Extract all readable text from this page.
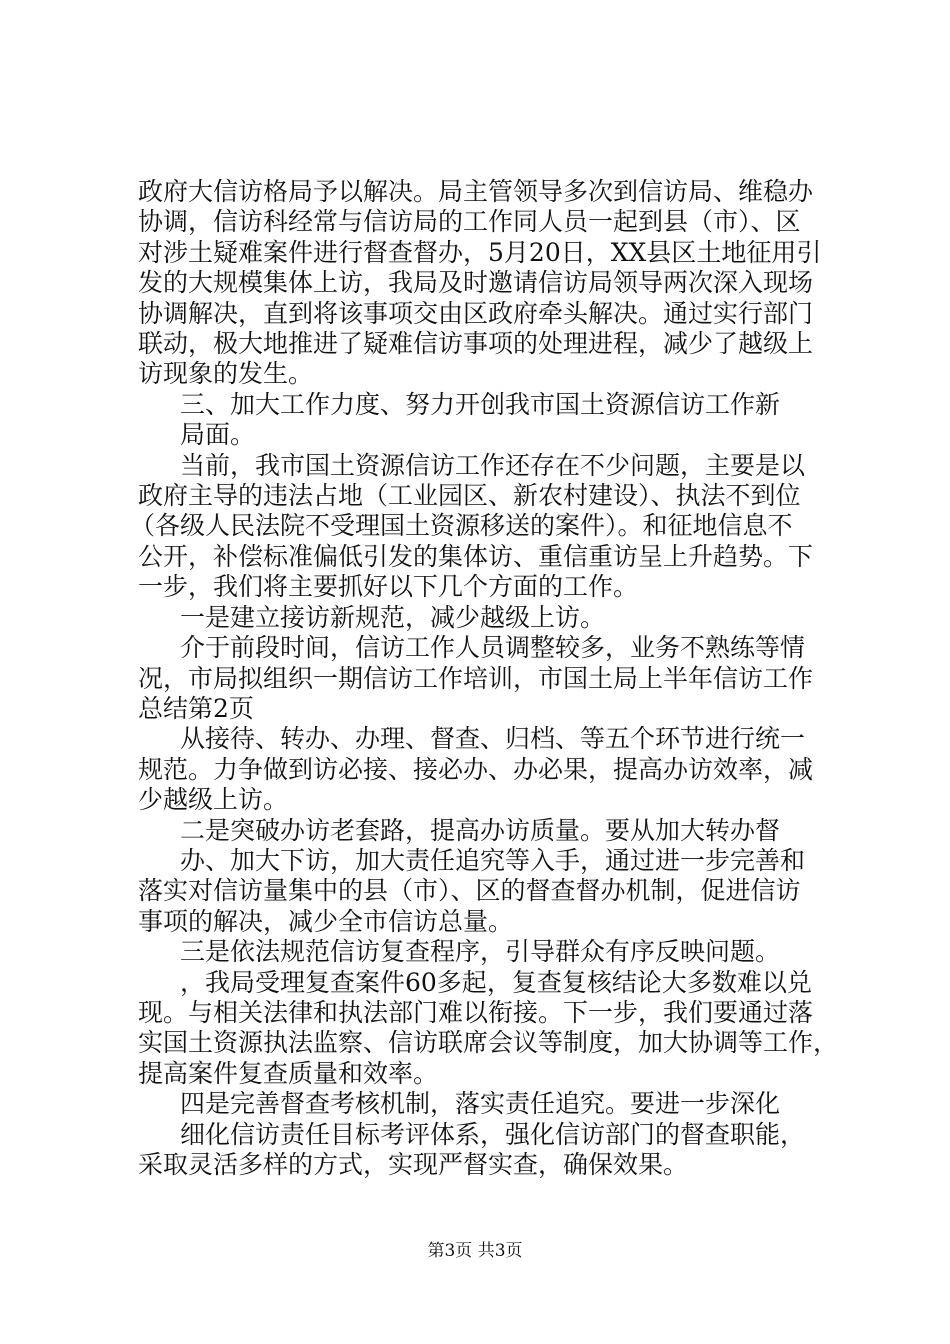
政府大信访格局予以解决。局主管领导多次到信访局、维稳办
协调，信访科经常与信访局的工作同人员一起到县（市）、区
对涉土疑难案件进行督查督办，5月20日，XX县区土地征用引
发的大规模集体上访，我局及时邀请信访局领导两次深入现场
协调解决，直到将该事项交由区政府牵头解决。通过实行部门
联动，极大地推进了疑难信访事项的处理进程，减少了越级上
访现象的发生。
三、加大工作力度、努力开创我市国土资源信访工作新
局面。
当前，我市国土资源信访工作还存在不少问题，主要是以
政府主导的违法占地（工业园区、新农村建设）、执法不到位
（各级人民法院不受理国土资源移送的案件）。和征地信息不
公开，补偿标准偏低引发的集体访、重信重访呈上升趋势。下
一步，我们将主要抓好以下几个方面的工作。
一是建立接访新规范，减少越级上访。
介于前段时间，信访工作人员调整较多，业务不熟练等情
况，市局拟组织一期信访工作培训，市国土局上半年信访工作
总结第2页
从接待、转办、办理、督查、归档、等五个环节进行统一
规范。力争做到访必接、接必办、办必果，提高办访效率，减
少越级上访。
二是突破办访老套路，提高办访质量。要从加大转办督
办、加大下访，加大责任追究等入手，通过进一步完善和
落实对信访量集中的县（市）、区的督查督办机制，促进信访
事项的解决，减少全市信访总量。
三是依法规范信访复查程序，引导群众有序反映问题。
，我局受理复查案件60多起，复查复核结论大多数难以兑
现。与相关法律和执法部门难以衔接。下一步，我们要通过落
实国土资源执法监察、信访联席会议等制度，加大协调等工作，
提高案件复查质量和效率。
四是完善督查考核机制，落实责任追究。要进一步深化
细化信访责任目标考评体系，强化信访部门的督查职能，
采取灵活多样的方式，实现严督实查，确保效果。
第3页 共3页
